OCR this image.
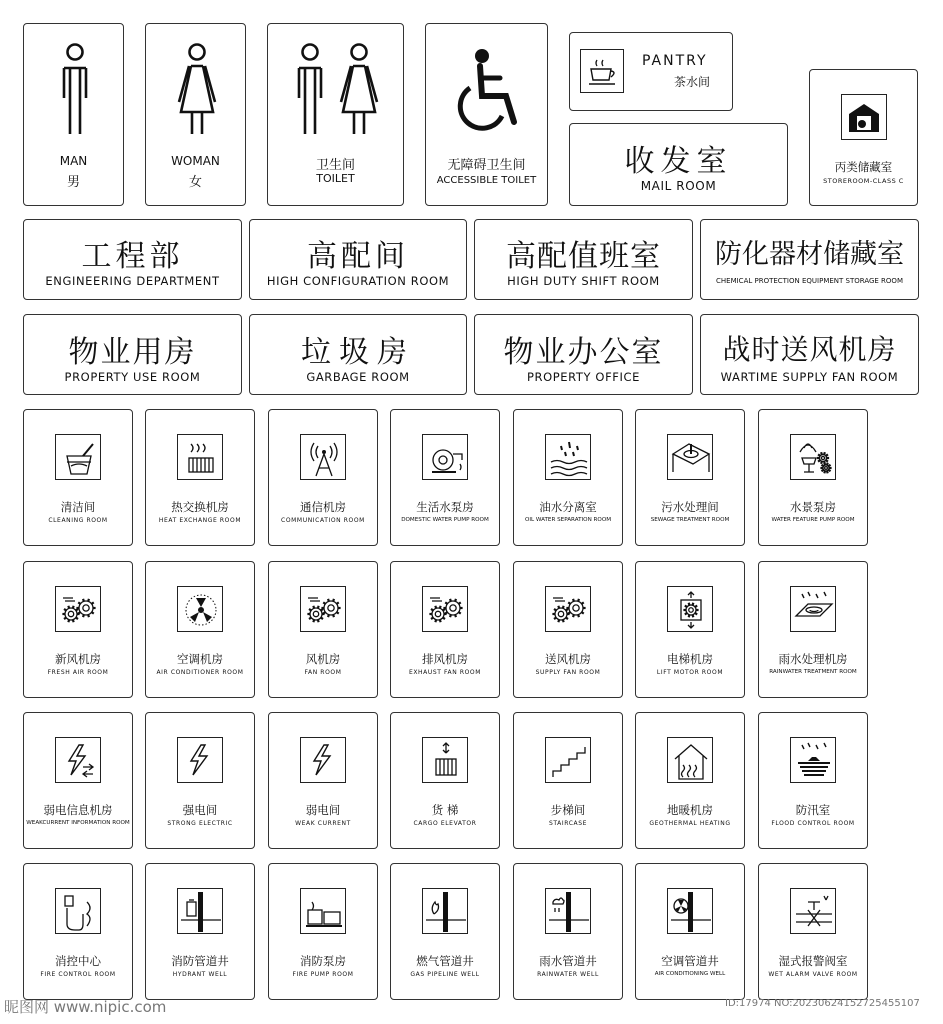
MAN
男
WOMAN
女
卫生间
TOILET
无障碍卫生间
ACCESSIBLE TOILET
PANTRY
茶水间
收发室
MAIL ROOM
丙类储藏室
STOREROOM-CLASS C
工程部
ENGINEERING DEPARTMENT
高配间
HIGH CONFIGURATION ROOM
高配值班室
HIGH DUTY SHIFT ROOM
防化器材储藏室
CHEMICAL PROTECTION EQUIPMENT STORAGE ROOM
物业用房
PROPERTY USE ROOM
垃圾房
GARBAGE ROOM
物业办公室
PROPERTY OFFICE
战时送风机房
WARTIME SUPPLY FAN ROOM
清洁间
CLEANING ROOM
热交换机房
HEAT EXCHANGE ROOM
通信机房
COMMUNICATION ROOM
生活水泵房
DOMESTIC WATER PUMP ROOM
油水分离室
OIL WATER SEPARATION ROOM
污水处理间
SEWAGE TREATMENT ROOM
水景泵房
WATER FEATURE PUMP ROOM
新风机房
FRESH AIR ROOM
空调机房
AIR CONDITIONER ROOM
风机房
FAN ROOM
排风机房
EXHAUST FAN ROOM
送风机房
SUPPLY FAN ROOM
电梯机房
LIFT MOTOR ROOM
雨水处理机房
RAINWATER TREATMENT ROOM
弱电信息机房
WEAKCURRENT INFORMATION ROOM
强电间
STRONG ELECTRIC
弱电间
WEAK CURRENT
货 梯
CARGO ELEVATOR
步梯间
STAIRCASE
地暖机房
GEOTHERMAL HEATING
防汛室
FLOOD CONTROL ROOM
消控中心
FIRE CONTROL ROOM
消防管道井
HYDRANT WELL
消防泵房
FIRE PUMP ROOM
燃气管道井
GAS PIPELINE WELL
雨水管道井
RAINWATER WELL
空调管道井
AIR CONDITIONING WELL
湿式报警阀室
WET ALARM VALVE ROOM
昵图网 www.nipic.com	ID:17974 NO:20230624152725455107
